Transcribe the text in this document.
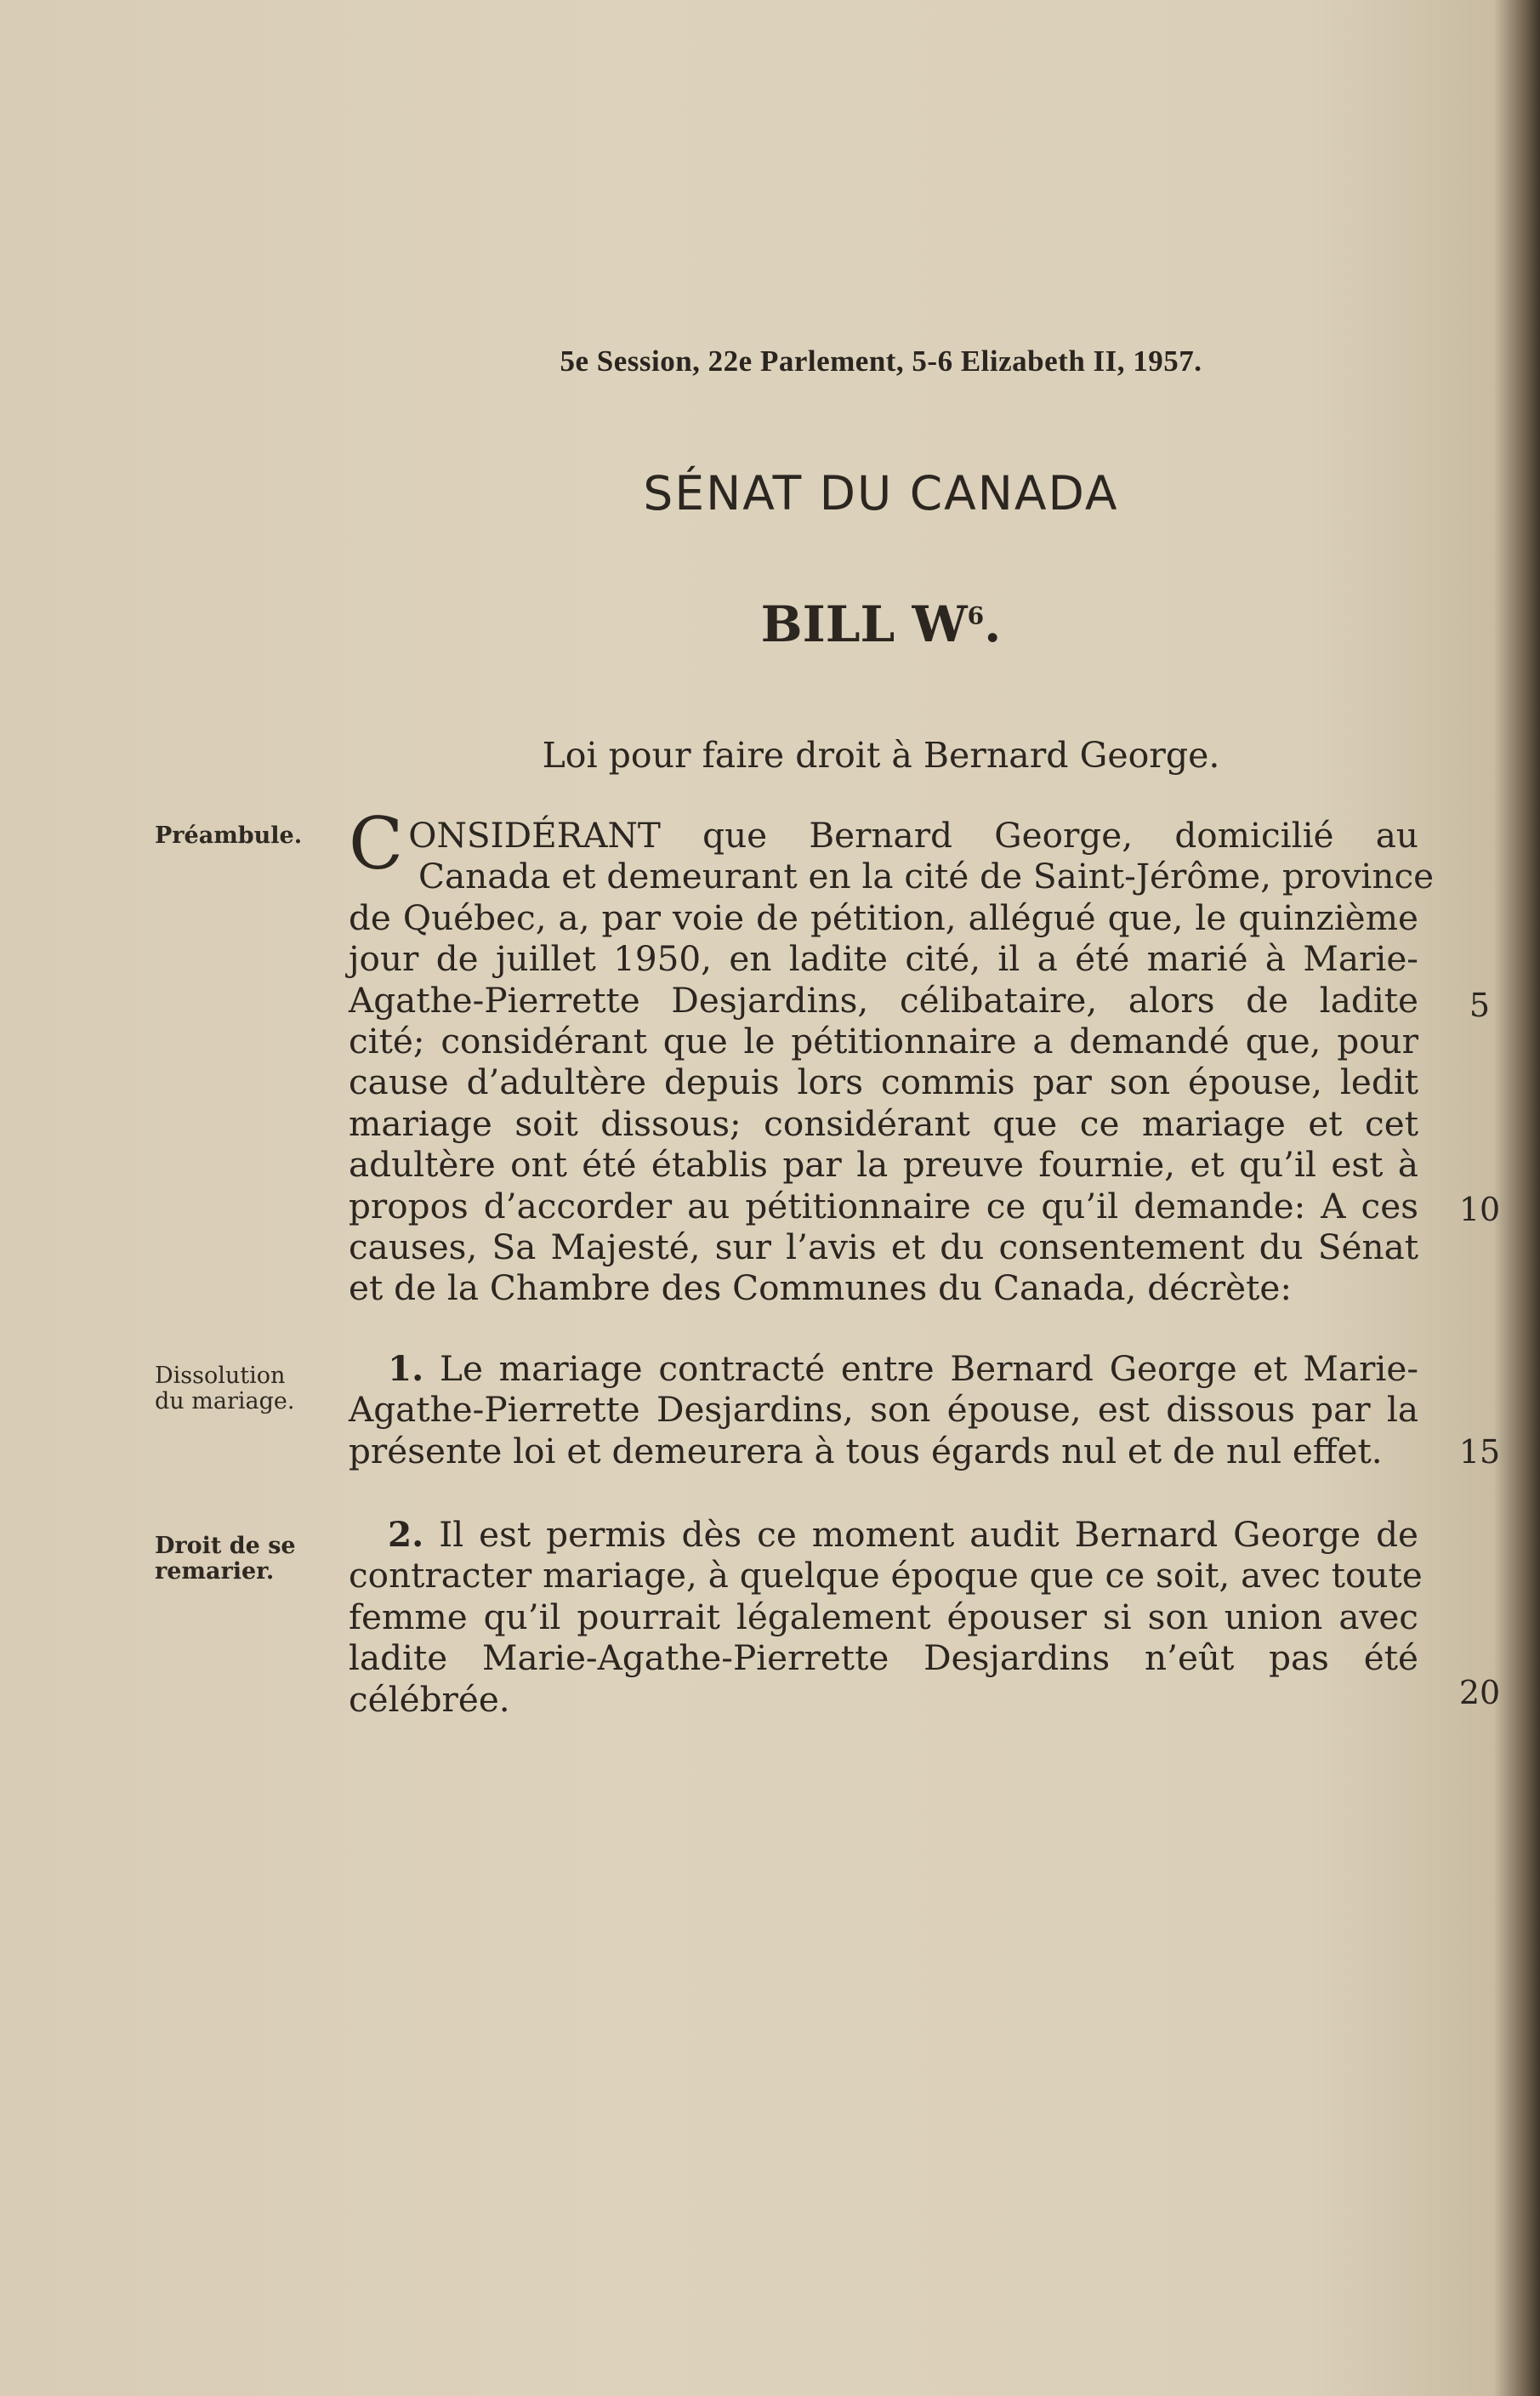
5e Session, 22e Parlement, 5-6 Elizabeth II, 1957.
SÉNAT DU CANADA
BILL $W^6$.
Loi pour faire droit à Bernard George.
Préambule. CONSIDÉRANT que Bernard George, domicilié au
Canada et demeurant en la cité de Saint-Jérôme, province
de Québec, a, par voie de pétition, allégué que, le quinzième
jour de juillet 1950, en ladite cité, il a été marié à Marie-
Agathe-Pierrette Desjardins, célibataire, alors de ladite
cité; considérant que le pétitionnaire a demandé que, pour
cause d’adultère depuis lors commis par son épouse, ledit
mariage soit dissous; considérant que ce mariage et cet
adultère ont été établis par la preuve fournie, et qu’il est à
propos d’accorder au pétitionnaire ce qu’il demande: A ces
causes, Sa Majesté, sur l’avis et du consentement du Sénat
et de la Chambre des Communes du Canada, décrète:
Dissolution
du mariage.
1. Le mariage contracté entre Bernard George et Marie-
Agathe-Pierrette Desjardins, son épouse, est dissous par la
présente loi et demeurera à tous égards nul et de nul effet.
Droit de se
remarier.
2. Il est permis dès ce moment audit Bernard George de
contracter mariage, à quelque époque que ce soit, avec toute
femme qu’il pourrait légalement épouser si son union avec
ladite Marie-Agathe-Pierrette Desjardins n’eût pas été
célébrée.
5
10
15
20
